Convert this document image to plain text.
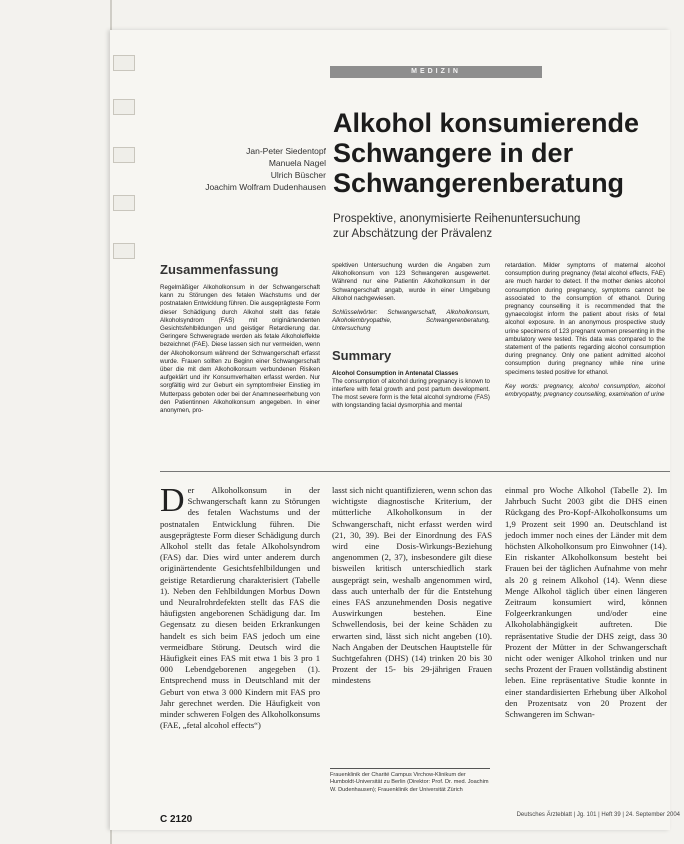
MEDIZIN
Alkohol konsumierende
Schwangere in der
Schwangerenberatung
Jan-Peter Siedentopf
Manuela Nagel
Ulrich Büscher
Joachim Wolfram Dudenhausen
Prospektive, anonymisierte Reihenuntersuchung
zur Abschätzung der Prävalenz
Zusammenfassung
Regelmäßiger Alkoholkonsum in der Schwangerschaft kann zu Störungen des fetalen Wachstums und der postnatalen Entwicklung führen. Die ausgeprägteste Form dieser Schädigung durch Alkohol stellt das fetale Alkoholsyndrom (FAS) mit originärtendenten Gesichtsfehlbildungen und geistiger Retardierung dar. Geringere Schweregrade werden als fetale Alkoholeffekte bezeichnet (FAE). Diese lassen sich nur vermeiden, wenn der Alkoholkonsum während der Schwangerschaft erfasst wurde. Frauen sollten zu Beginn einer Schwangerschaft über die mit dem Alkoholkonsum verbundenen Risiken aufgeklärt und ihr Konsumverhalten erfasst werden. Nur sorgfältig wird zur Geburt ein symptomfreier Einstieg im Mutterpass geboten oder bei der Anamneseerhebung von den Patientinnen Alkoholkonsum angegeben. In einer anonymen, pro-
spektiven Untersuchung wurden die Angaben zum Alkoholkonsum von 123 Schwangeren ausgewertet. Während nur eine Patientin Alkoholkonsum in der Schwangerschaft angab, wurde in einer Umgebung Alkohol nachgewiesen.
Schlüsselwörter: Schwangerschaft, Alkoholkonsum, Alkoholembryopathie, Schwangerenberatung, Untersuchung
Summary
Alcohol Consumption in Antenatal Classes
The consumption of alcohol during pregnancy is known to interfere with fetal growth and post partum development. The most severe form is the fetal alcohol syndrome (FAS) with longstanding facial dysmorphia and mental
retardation. Milder symptoms of maternal alcohol consumption during pregnancy (fetal alcohol effects, FAE) are much harder to detect. If the mother denies alcohol consumption during pregnancy, symptoms cannot be associated to the consumption of ethanol. During pregnancy counselling it is recommended that the gynaecologist inform the patient about risks of fetal alcohol exposure. In an anonymous prospective study urine specimens of 123 pregnant women presenting in the ambulatory were tested. This data was compared to the statement of the patients regarding alcohol consumption during pregnancy. Only one patient admitted alcohol consumption during pregnancy while nine urine specimens tested positive for ethanol.
Key words: pregnancy, alcohol consumption, alcohol embryopathy, pregnancy counselling, examination of urine
Der Alkoholkonsum in der Schwangerschaft kann zu Störungen des fetalen Wachstums und der postnatalen Entwicklung führen. Die ausgeprägteste Form dieser Schädigung durch Alkohol stellt das fetale Alkoholsyndrom (FAS) dar. Dies wird unter anderem durch originärtendente Gesichtsfehlbildungen und geistige Retardierung charakterisiert (Tabelle 1). Neben den Fehlbildungen Morbus Down und Neuralrohrdefekten stellt das FAS die häufigsten angeborenen Schädigung dar. Im Gegensatz zu diesen beiden Erkrankungen handelt es sich beim FAS jedoch um eine vermeidbare Störung. Deutsch wird die Häufigkeit eines FAS mit etwa 1 bis 3 pro 1 000 Lebendgeborenen angegeben (1). Entsprechend muss in Deutschland mit der Geburt von etwa 3 000 Kindern mit FAS pro Jahr gerechnet werden. Die Häufigkeit von minder schweren Folgen des Alkoholkonsums (FAE, „fetal alcohol effects“)
lasst sich nicht quantifizieren, wenn schon das wichtigste diagnostische Kriterium, der mütterliche Alkoholkonsum in der Schwangerschaft, nicht erfasst werden wird (21, 30, 39). Bei der Einordnung des FAS wird eine Dosis-Wirkungs-Beziehung angenommen (2, 37), insbesondere gilt diese bisweilen kritisch unterschiedlich stark ausgeprägt sein, weshalb angenommen wird, dass auch unterhalb der für die Entstehung eines FAS anzunehmenden Dosis negative Auswirkungen bestehen. Eine Schwellendosis, bei der keine Schäden zu erwarten sind, lässt sich nicht angeben (10). Nach Angaben der Deutschen Hauptstelle für Suchtgefahren (DHS) (14) trinken 20 bis 30 Prozent der 15- bis 29-jährigen Frauen mindestens
einmal pro Woche Alkohol (Tabelle 2). Im Jahrbuch Sucht 2003 gibt die DHS einen Rückgang des Pro-Kopf-Alkoholkonsums um 1,9 Prozent seit 1990 an. Deutschland ist jedoch immer noch eines der Länder mit dem höchsten Alkoholkonsum pro Einwohner (14). Ein riskanter Alkoholkonsum besteht bei Frauen bei der täglichen Aufnahme von mehr als 20 g reinem Alkohol (14). Wenn diese Menge Alkohol täglich über einen längeren Zeitraum konsumiert wird, können Folgeerkrankungen und/oder eine Alkoholabhängigkeit auftreten. Die repräsentative Studie der DHS zeigt, dass 30 Prozent der Mütter in der Schwangerschaft nicht oder weniger Alkohol trinken und nur sechs Prozent der Frauen vollständig abstinent leben. Eine repräsentative Studie konnte in einer standardisierten Erhebung über Alkohol den Prozentsatz von 20 Prozent der Schwangeren im Schwan-
Frauenklinik der Charité Campus Virchow-Klinikum der Humboldt-Universität zu Berlin (Direktor: Prof. Dr. med. Joachim W. Dudenhausen); Frauenklinik der Universität Zürich
C 2120	Deutsches Ärzteblatt | Jg. 101 | Heft 39 | 24. September 2004
